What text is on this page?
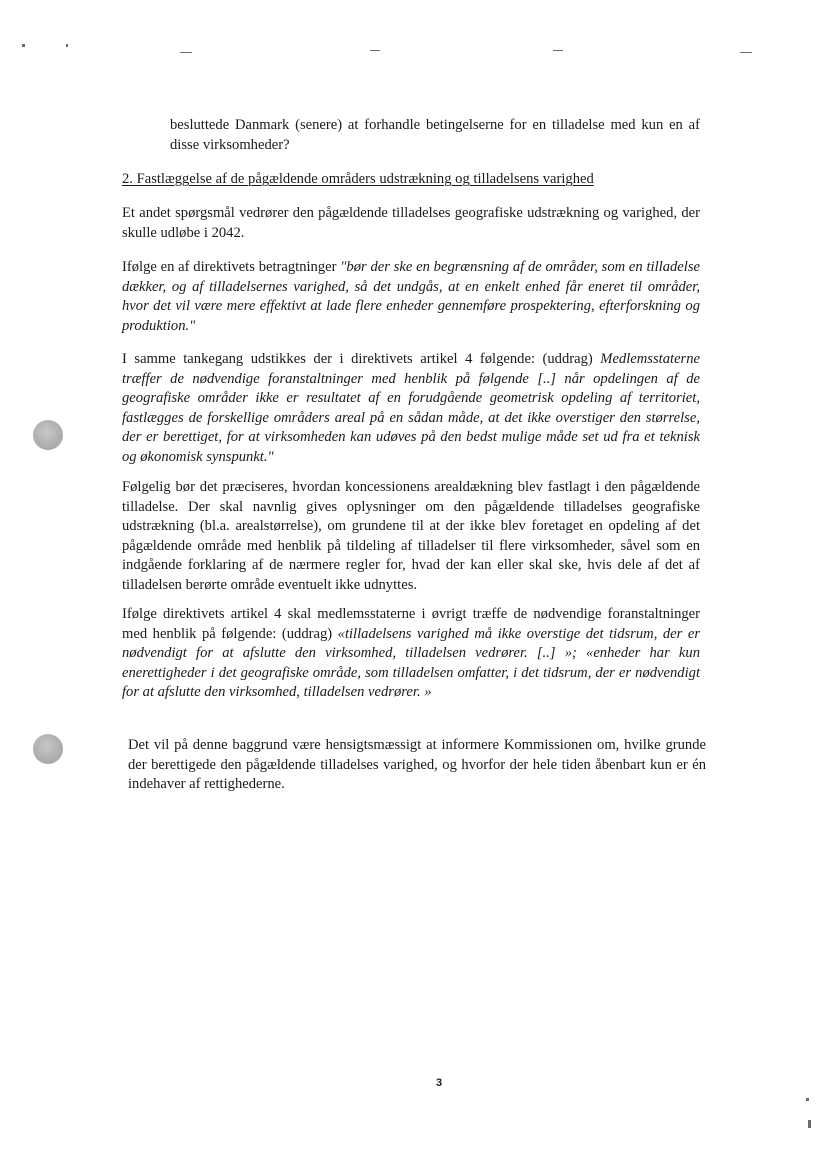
besluttede Danmark (senere) at forhandle betingelserne for en tilladelse med kun en af disse virksomheder?

2. Fastlæggelse af de pågældende områders udstrækning og tilladelsens varighed

Et andet spørgsmål vedrører den pågældende tilladelses geografiske udstrækning og varighed, der skulle udløbe i 2042.

Ifølge en af direktivets betragtninger "bør der ske en begrænsning af de områder, som en tilladelse dækker, og af tilladelsernes varighed, så det undgås, at en enkelt enhed får eneret til områder, hvor det vil være mere effektivt at lade flere enheder gennemføre prospektering, efterforskning og produktion."

I samme tankegang udstikkes der i direktivets artikel 4 følgende: (uddrag) Medlemsstaterne træffer de nødvendige foranstaltninger med henblik på følgende [..] når opdelingen af de geografiske områder ikke er resultatet af en forudgående geometrisk opdeling af territoriet, fastlægges de forskellige områders areal på en sådan måde, at det ikke overstiger den størrelse, der er berettiget, for at virksomheden kan udøves på den bedst mulige måde set ud fra et teknisk og økonomisk synspunkt."

Følgelig bør det præciseres, hvordan koncessionens arealdækning blev fastlagt i den pågældende tilladelse. Der skal navnlig gives oplysninger om den pågældende tilladelses geografiske udstrækning (bl.a. arealstørrelse), om grundene til at der ikke blev foretaget en opdeling af det pågældende område med henblik på tildeling af tilladelser til flere virksomheder, såvel som en indgående forklaring af de nærmere regler for, hvad der kan eller skal ske, hvis dele af det af tilladelsen berørte område eventuelt ikke udnyttes.

Ifølge direktivets artikel 4 skal medlemsstaterne i øvrigt træffe de nødvendige foranstaltninger med henblik på følgende: (uddrag) «tilladelsens varighed må ikke overstige det tidsrum, der er nødvendigt for at afslutte den virksomhed, tilladelsen vedrører. [..] »; «enheder har kun enerettigheder i det geografiske område, som tilladelsen omfatter, i det tidsrum, der er nødvendigt for at afslutte den virksomhed, tilladelsen vedrører. »

Det vil på denne baggrund være hensigtsmæssigt at informere Kommissionen om, hvilke grunde der berettigede den pågældende tilladelses varighed, og hvorfor der hele tiden åbenbart kun er én indehaver af rettighederne.

3
